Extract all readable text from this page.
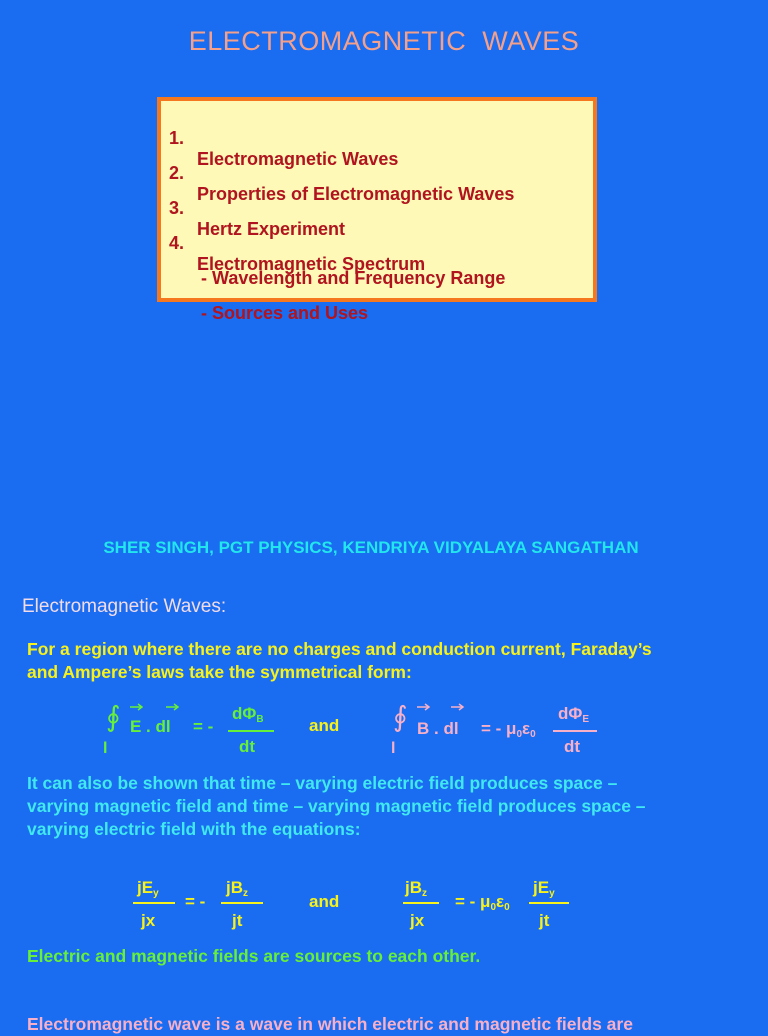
ELECTROMAGNETIC  WAVES

1.

Electromagnetic Waves

2.

Properties of Electromagnetic Waves

3.

Hertz Experiment

4.

Electromagnetic Spectrum

- Wavelength and Frequency Range

- Sources and Uses

SHER SINGH, PGT PHYSICS, KENDRIYA VIDYALAYA SANGATHAN
Electromagnetic Waves:
For a region where there are no charges and conduction current, Faraday’s
and Ampere’s laws take the symmetrical form:
∮
l
E . dl = -
$d\Phi_B$
dt
and ∮
l
B . dl = - $\mu_0\varepsilon_0$
$d\Phi_E$
dt
It can also be shown that time – varying electric field produces space –
varying magnetic field and time – varying magnetic field produces space –
varying electric field with the equations:
$jE_y$
jx
= -
$jB_z$
jt
and
$jB_z$
jx
= - $\mu_0\varepsilon_0$
$jE_y$
jt
Electric and magnetic fields are sources to each other.
Electromagnetic wave is a wave in which electric and magnetic fields are
